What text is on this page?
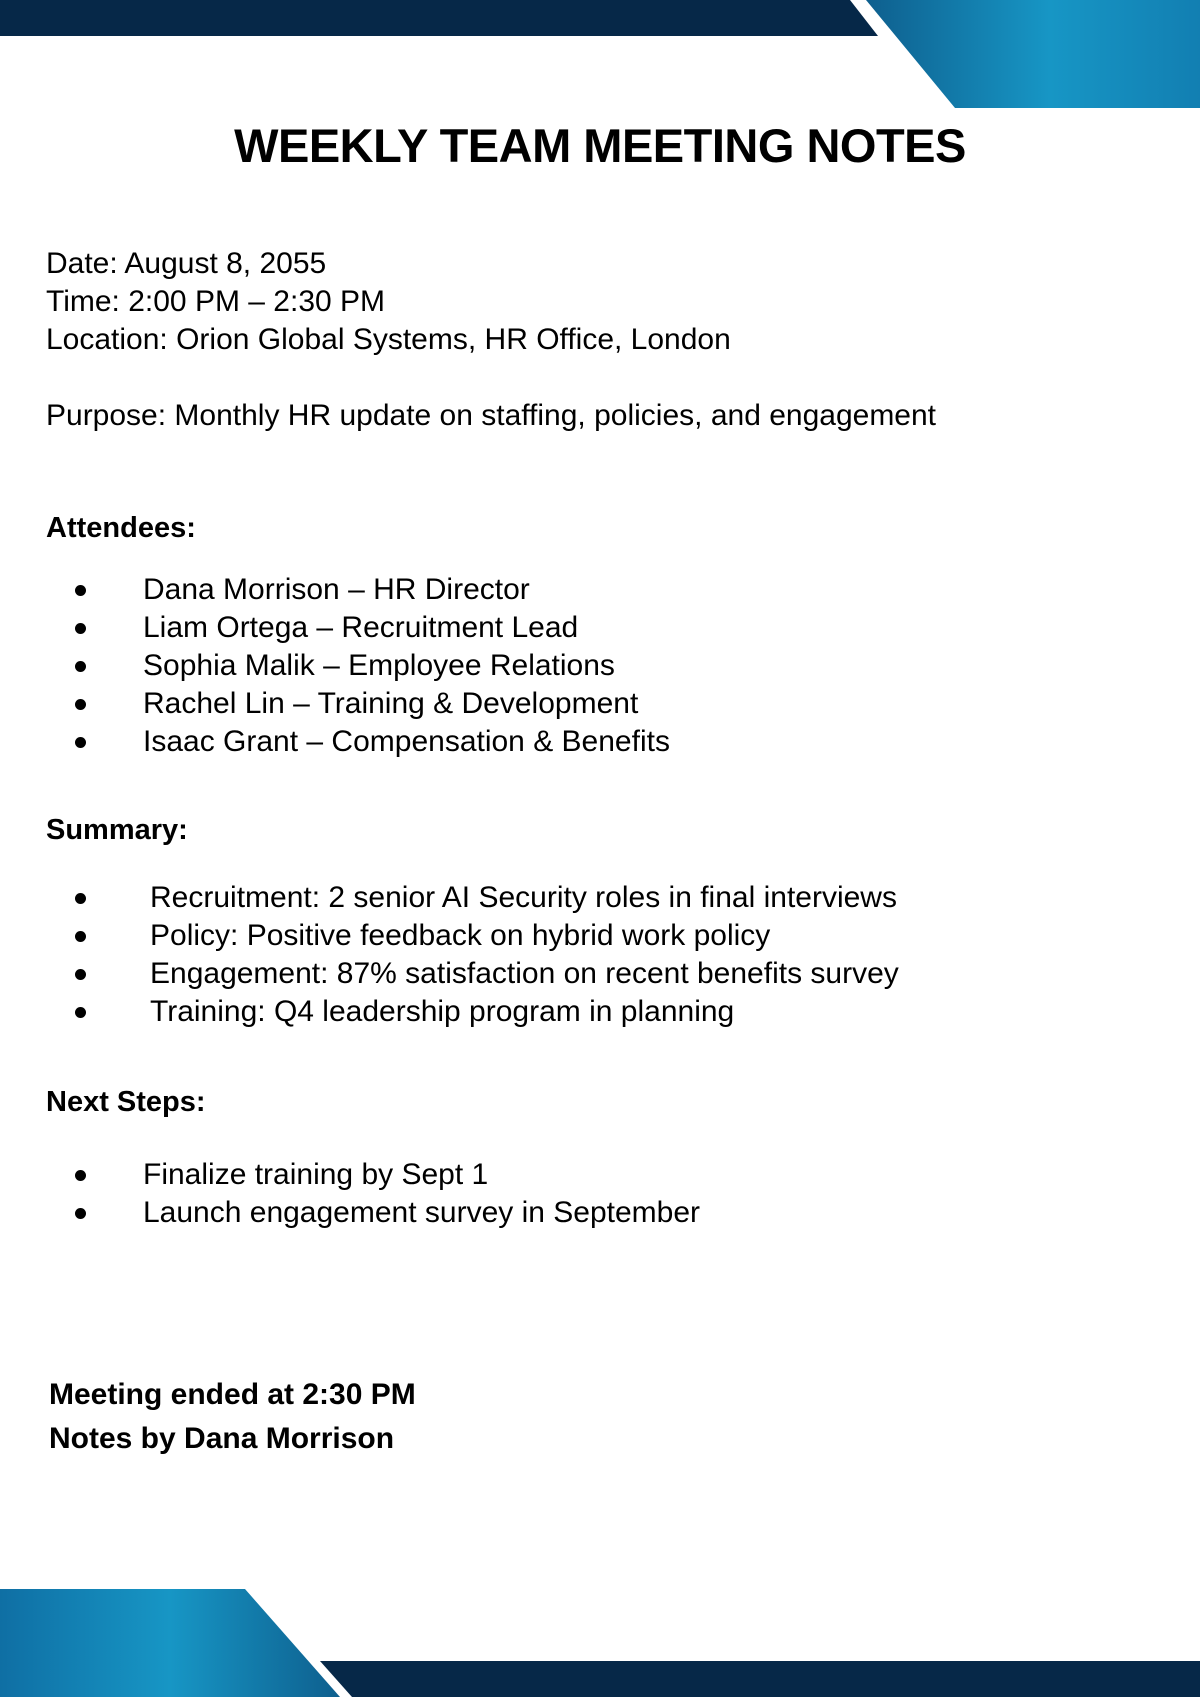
WEEKLY TEAM MEETING NOTES
Date: August 8, 2055
Time: 2:00 PM – 2:30 PM
Location: Orion Global Systems, HR Office, London
Purpose: Monthly HR update on staffing, policies, and engagement
Attendees:
Dana Morrison – HR Director
Liam Ortega – Recruitment Lead
Sophia Malik – Employee Relations
Rachel Lin – Training & Development
Isaac Grant – Compensation & Benefits
Summary:
Recruitment: 2 senior AI Security roles in final interviews
Policy: Positive feedback on hybrid work policy
Engagement: 87% satisfaction on recent benefits survey
Training: Q4 leadership program in planning
Next Steps:
Finalize training by Sept 1
Launch engagement survey in September
Meeting ended at 2:30 PM
Notes by Dana Morrison
